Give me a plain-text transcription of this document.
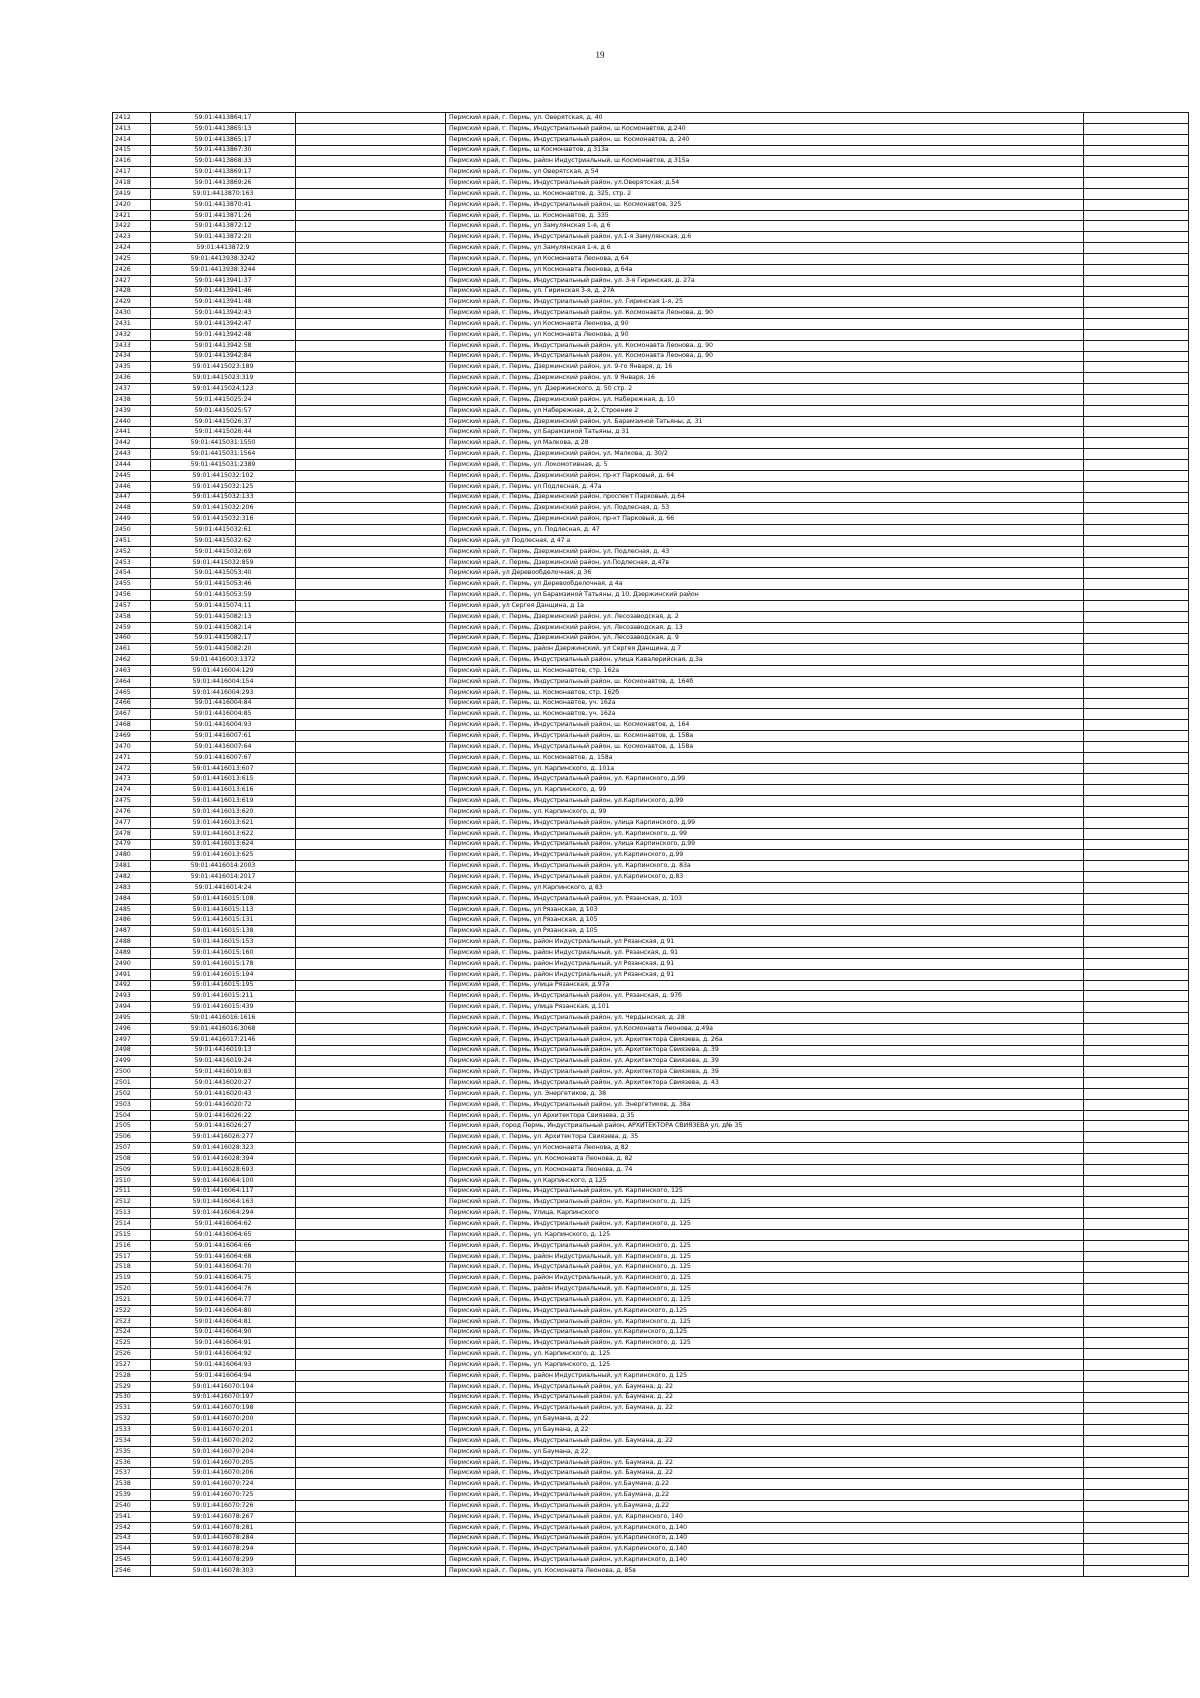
19
2412	59:01:4413864:17		Пермский край, г. Пермь, ул. Оверятская, д. 40	
2413	59:01:4413865:13		Пермский край, г. Пермь, Индустриальный район, ш Космонавтов, д.240	
2414	59:01:4413865:17		Пермский край, г. Пермь, Индустриальный район, ш. Космонавтов, д. 240	
2415	59:01:4413867:30		Пермский край, г. Пермь, ш Космонавтов, д 313а	
2416	59:01:4413868:33		Пермский край, г. Пермь, район Индустриальный, ш Космонавтов, д 315а	
2417	59:01:4413869:17		Пермский край, г. Пермь, ул Оверятская, д 54	
2418	59:01:4413869:26		Пермский край, г. Пермь, Индустриальный район, ул.Оверятская, д.54	
2419	59:01:4413870:163		Пермский край, г. Пермь, ш. Космонавтов, д. 325, стр. 2	
2420	59:01:4413870:41		Пермский край, г. Пермь, Индустриальный район, ш. Космонавтов, 325	
2421	59:01:4413871:26		Пермский край, г. Пермь, ш. Космонавтов, д. 335	
2422	59:01:4413872:12		Пермский край, г. Пермь, ул Замулянская 1-я, д 6	
2423	59:01:4413872:20		Пермский край, г. Пермь, Индустриальный район, ул.1-я Замулянская, д.6	
2424	59:01:4413872:9		Пермский край, г. Пермь, ул Замулянская 1-я, д 6	
2425	59:01:4413938:3242		Пермский край, г. Пермь, ул Космонавта Леонова, д 64	
2426	59:01:4413938:3244		Пермский край, г. Пермь, ул Космонавта Леонова, д 64а	
2427	59:01:4413941:37		Пермский край, г. Пермь, Индустриальный район, ул. 3-я Гиринская, д. 27а	
2428	59:01:4413941:46		Пермский край, г. Пермь, ул. Гиринская 3-я, д. 27А	
2429	59:01:4413941:48		Пермский край, г. Пермь, Индустриальный район, ул. Гиринская 1-я, 25	
2430	59:01:4413942:43		Пермский край, г. Пермь, Индустриальный район, ул. Космонавта Леонова, д. 90	
2431	59:01:4413942:47		Пермский край, г. Пермь, ул Космонавта Леонова, д 90	
2432	59:01:4413942:48		Пермский край, г. Пермь, ул Космонавта Леонова, д 90	
2433	59:01:4413942:58		Пермский край, г. Пермь, Индустриальный район, ул. Космонавта Леонова, д. 90	
2434	59:01:4413942:84		Пермский край, г. Пермь, Индустриальный район, ул. Космонавта Леонова, д. 90	
2435	59:01:4415023:189		Пермский край, г. Пермь, Дзержинский район, ул. 9-го Января, д. 16	
2436	59:01:4415023:319		Пермский край, г. Пермь, Дзержинский район, ул. 9 Января, 16	
2437	59:01:4415024:123		Пермский край, г. Пермь, ул. Дзержинского, д. 50 стр. 2	
2438	59:01:4415025:24		Пермский край, г. Пермь, Дзержинский район, ул. Набережная, д. 10	
2439	59:01:4415025:57		Пермский край, г. Пермь, ул Набережная, д 2, Строение 2	
2440	59:01:4415026:37		Пермский край, г. Пермь, Дзержинский район, ул. Барамзиной Татьяны, д. 31	
2441	59:01:4415026:44		Пермский край, г. Пермь, ул Барамзиной Татьяны, д 31	
2442	59:01:4415031:1550		Пермский край, г. Пермь, ул Малкова, д 28	
2443	59:01:4415031:1564		Пермский край, г. Пермь, Дзержинский район, ул. Малкова, д. 30/2	
2444	59:01:4415031:2389		Пермский край, г. Пермь, ул. Локомотивная, д. 5	
2445	59:01:4415032:102		Пермский край, г. Пермь, Дзержинский район, пр-кт Парковый, д. 64	
2446	59:01:4415032:125		Пермский край, г. Пермь, ул Подлесная, д. 47а	
2447	59:01:4415032:133		Пермский край, г. Пермь, Дзержинский район, проспект Парковый, д.64	
2448	59:01:4415032:206		Пермский край, г. Пермь, Дзержинский район, ул. Подлесная, д. 53	
2449	59:01:4415032:316		Пермский край, г. Пермь, Дзержинский район, пр-кт Парковый, д. 66	
2450	59:01:4415032:61		Пермский край, г. Пермь, ул. Подлесная, д. 47	
2451	59:01:4415032:62		Пермский край, ул Подлесная, д 47 а	
2452	59:01:4415032:69		Пермский край, г. Пермь, Дзержинский район, ул. Подлесная, д. 43	
2453	59:01:4415032:859		Пермский край, г. Пермь, Дзержинский район, ул.Подлесная, д.47в	
2454	59:01:4415053:40		Пермский край, ул Деревообделочная, д 36	
2455	59:01:4415053:46		Пермский край, г. Пермь, ул Деревообделочная, д 4а	
2456	59:01:4415053:59		Пермский край, г. Пермь, ул Барамзиной Татьяны, д 10, Дзержинский район	
2457	59:01:4415074:11		Пермский край, ул Сергея Данщина, д 1а	
2458	59:01:4415082:13		Пермский край, г. Пермь, Дзержинский район, ул. Лесозаводская, д. 2	
2459	59:01:4415082:14		Пермский край, г. Пермь, Дзержинский район, ул. Лесозаводская, д. 13	
2460	59:01:4415082:17		Пермский край, г. Пермь, Дзержинский район, ул. Лесозаводская, д. 9	
2461	59:01:4415082:20		Пермский край, г. Пермь, район Дзержинский, ул Сергея Данщина, д 7	
2462	59:01:4416003:1372		Пермский край, г. Пермь, Индустриальный район, улица Кавалерийская, д.3а	
2463	59:01:4416004:129		Пермский край, г. Пермь, ш. Космонавтов, стр. 162а	
2464	59:01:4416004:154		Пермский край, г. Пермь, Индустриальный район, ш. Космонавтов, д. 164б	
2465	59:01:4416004:293		Пермский край, г. Пермь, ш. Космонавтов, стр. 162б	
2466	59:01:4416004:84		Пермский край, г. Пермь, ш. Космонавтов, уч. 162а	
2467	59:01:4416004:85		Пермский край, г. Пермь, ш. Космонавтов, уч. 162а	
2468	59:01:4416004:93		Пермский край, г. Пермь, Индустриальный район, ш. Космонавтов, д. 164	
2469	59:01:4416007:61		Пермский край, г. Пермь, Индустриальный район, ш. Космонавтов, д. 158а	
2470	59:01:4416007:64		Пермский край, г. Пермь, Индустриальный район, ш. Космонавтов, д. 158а	
2471	59:01:4416007:67		Пермский край, г. Пермь, ш. Космонавтов, д. 158а	
2472	59:01:4416013:607		Пермский край, г. Пермь, ул. Карпинского, д. 101а	
2473	59:01:4416013:615		Пермский край, г. Пермь, Индустриальный район, ул. Карпинского, д.99	
2474	59:01:4416013:616		Пермский край, г. Пермь, ул. Карпинского, д. 99	
2475	59:01:4416013:619		Пермский край, г. Пермь, Индустриальный район, ул.Карпинского, д.99	
2476	59:01:4416013:620		Пермский край, г. Пермь, ул. Карпинского, д. 99	
2477	59:01:4416013:621		Пермский край, г. Пермь, Индустриальный район, улица Карпинского, д.99	
2478	59:01:4416013:622		Пермский край, г. Пермь, Индустриальный район, ул. Карпинского, д. 99	
2479	59:01:4416013:624		Пермский край, г. Пермь, Индустриальный район, улица Карпинского, д.99	
2480	59:01:4416013:625		Пермский край, г. Пермь, Индустриальный район, ул.Карпинского, д.99	
2481	59:01:4416014:2003		Пермский край, г. Пермь, Индустриальный район, ул. Карпинского, д. 83а	
2482	59:01:4416014:2017		Пермский край, г. Пермь, Индустриальный район, ул.Карпинского, д.83	
2483	59:01:4416014:24		Пермский край, г. Пермь, ул Карпинского, д 83	
2484	59:01:4416015:108		Пермский край, г. Пермь, Индустриальный район, ул. Рязанская, д. 103	
2485	59:01:4416015:113		Пермский край, г. Пермь, ул Рязанская, д 103	
2486	59:01:4416015:131		Пермский край, г. Пермь, ул Рязанская, д 105	
2487	59:01:4416015:138		Пермский край, г. Пермь, ул Рязанская, д 105	
2488	59:01:4416015:153		Пермский край, г. Пермь, район Индустриальный, ул Рязанская, д 91	
2489	59:01:4416015:160		Пермский край, г. Пермь, район Индустриальный, ул. Рязанская, д. 91	
2490	59:01:4416015:178		Пермский край, г. Пермь, район Индустриальный, ул Рязанская, д 91	
2491	59:01:4416015:194		Пермский край, г. Пермь, район Индустриальный, ул Рязанская, д 91	
2492	59:01:4416015:195		Пермский край, г. Пермь, улица Рязанская, д.97а	
2493	59:01:4416015:211		Пермский край, г. Пермь, Индустриальный район, ул. Рязанская, д. 97б	
2494	59:01:4416015:439		Пермский край, г. Пермь, улица Рязанская, д.101	
2495	59:01:4416016:1616		Пермский край, г. Пермь, Индустриальный район, ул. Чердынская, д. 28	
2496	59:01:4416016:3068		Пермский край, г. Пермь, Индустриальный район, ул.Космонавта Леонова, д.49а	
2497	59:01:4416017:2146		Пермский край, г. Пермь, Индустриальный район, ул. Архитектора Свиязева, д. 26а	
2498	59:01:4416019:13		Пермский край, г. Пермь, Индустриальный район, ул. Архитектора Свиязева, д. 39	
2499	59:01:4416019:24		Пермский край, г. Пермь, Индустриальный район, ул. Архитектора Свиязева, д. 39	
2500	59:01:4416019:83		Пермский край, г. Пермь, Индустриальный район, ул. Архитектора Свиязева, д. 39	
2501	59:01:4416020:27		Пермский край, г. Пермь, Индустриальный район, ул. Архитектора Свиязева, д. 43	
2502	59:01:4416020:43		Пермский край, г. Пермь, ул. Энергетиков, д. 38	
2503	59:01:4416020:72		Пермский край, г. Пермь, Индустриальный район, ул. Энергетиков, д. 38а	
2504	59:01:4416026:22		Пермский край, г. Пермь, ул Архитектора Свиязева, д 35	
2505	59:01:4416026:27		Пермский край, город Пермь, Индустриальный район, АРХИТЕКТОРА СВИЯЗЕВА ул, д№ 35	
2506	59:01:4416026:277		Пермский край, г. Пермь, ул. Архитектора Свиязева, д. 35	
2507	59:01:4416028:323		Пермский край, г. Пермь, ул Космонавта Леонова, д 82	
2508	59:01:4416028:394		Пермский край, г. Пермь, ул. Космонавта Леонова, д. 82	
2509	59:01:4416028:693		Пермский край, г. Пермь, ул. Космонавта Леонова, д. 74	
2510	59:01:4416064:100		Пермский край, г. Пермь, ул Карпинского, д 125	
2511	59:01:4416064:117		Пермский край, г. Пермь, Индустриальный район, ул. Карпинского, 125	
2512	59:01:4416064:163		Пермский край, г. Пермь, Индустриальный район, ул. Карпинского, д. 125	
2513	59:01:4416064:294		Пермский край, г. Пермь, Улица, Карпинского	
2514	59:01:4416064:62		Пермский край, г. Пермь, Индустриальный район, ул. Карпинского, д. 125	
2515	59:01:4416064:65		Пермский край, г. Пермь, ул. Карпинского, д. 125	
2516	59:01:4416064:66		Пермский край, г. Пермь, Индустриальный район, ул. Карпинского, д. 125	
2517	59:01:4416064:68		Пермский край, г. Пермь, район Индустриальный, ул. Карпинского, д. 125	
2518	59:01:4416064:70		Пермский край, г. Пермь, Индустриальный район, ул. Карпинского, д. 125	
2519	59:01:4416064:75		Пермский край, г. Пермь, район Индустриальный, ул. Карпинского, д. 125	
2520	59:01:4416064:76		Пермский край, г. Пермь, район Индустриальный, ул. Карпинского, д. 125	
2521	59:01:4416064:77		Пермский край, г. Пермь, Индустриальный район, ул. Карпинского, д. 125	
2522	59:01:4416064:80		Пермский край, г. Пермь, Индустриальный район, ул.Карпинского, д.125	
2523	59:01:4416064:81		Пермский край, г. Пермь, Индустриальный район, ул. Карпинского, д. 125	
2524	59:01:4416064:90		Пермский край, г. Пермь, Индустриальный район, ул.Карпинского, д.125	
2525	59:01:4416064:91		Пермский край, г. Пермь, Индустриальный район, ул. Карпинского, д. 125	
2526	59:01:4416064:92		Пермский край, г. Пермь, ул. Карпинского, д. 125	
2527	59:01:4416064:93		Пермский край, г. Пермь, ул. Карпинского, д. 125	
2528	59:01:4416064:94		Пермский край, г. Пермь, район Индустриальный, ул Карпинского, д 125	
2529	59:01:4416070:194		Пермский край, г. Пермь, Индустриальный район, ул. Баумана, д. 22	
2530	59:01:4416070:197		Пермский край, г. Пермь, Индустриальный район, ул. Баумана, д. 22	
2531	59:01:4416070:198		Пермский край, г. Пермь, Индустриальный район, ул. Баумана, д. 22	
2532	59:01:4416070:200		Пермский край, г. Пермь, ул Баумана, д 22	
2533	59:01:4416070:201		Пермский край, г. Пермь, ул Баумана, д 22	
2534	59:01:4416070:202		Пермский край, г. Пермь, Индустриальный район, ул. Баумана, д. 22	
2535	59:01:4416070:204		Пермский край, г. Пермь, ул Баумана, д 22	
2536	59:01:4416070:205		Пермский край, г. Пермь, Индустриальный район, ул. Баумана, д. 22	
2537	59:01:4416070:206		Пермский край, г. Пермь, Индустриальный район, ул. Баумана, д. 22	
2538	59:01:4416070:724		Пермский край, г. Пермь, Индустриальный район, ул.Баумана, д.22	
2539	59:01:4416070:725		Пермский край, г. Пермь, Индустриальный район, ул.Баумана, д.22	
2540	59:01:4416070:726		Пермский край, г. Пермь, Индустриальный район, ул.Баумана, д.22	
2541	59:01:4416078:267		Пермский край, г. Пермь, Индустриальный район, ул. Карпинского, 140	
2542	59:01:4416078:281		Пермский край, г. Пермь, Индустриальный район, ул.Карпинского, д.140	
2543	59:01:4416078:284		Пермский край, г. Пермь, Индустриальный район, ул.Карпинского, д.140	
2544	59:01:4416078:294		Пермский край, г. Пермь, Индустриальный район, ул.Карпинского, д.140	
2545	59:01:4416078:299		Пермский край, г. Пермь, Индустриальный район, ул.Карпинского, д.140	
2546	59:01:4416078:303		Пермский край, г. Пермь, ул. Космонавта Леонова, д. 85в	
